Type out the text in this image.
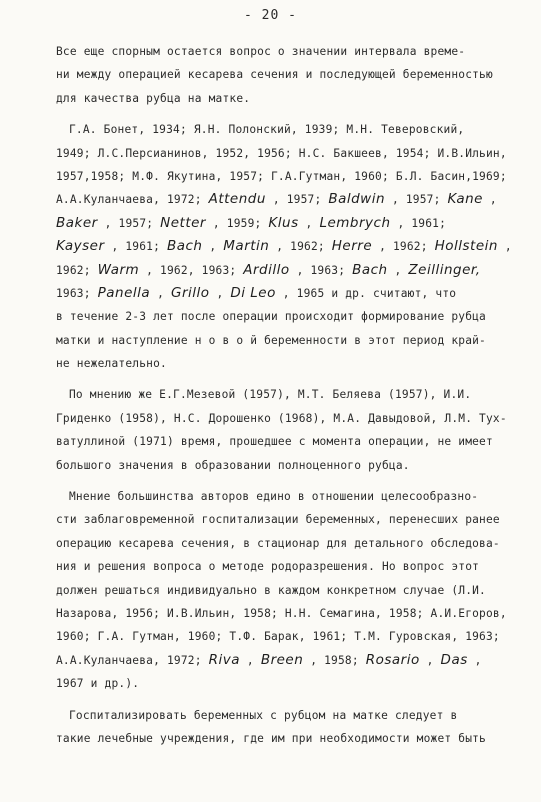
- 20 -
Все еще спорным остается вопрос о значении интервала време-
ни между операцией кесарева сечения и последующей беременностью
для качества рубца на матке.
Г.А. Бонет, 1934; Я.Н. Полонский, 1939; М.Н. Теверовский,
1949; Л.С.Персианинов, 1952, 1956; Н.С. Бакшеев, 1954; И.В.Ильин,
1957,1958; М.Ф. Якутина, 1957; Г.А.Гутман, 1960; Б.Л. Басин,1969;
А.А.Куланчаева, 1972; Attendu , 1957; Baldwin , 1957; Kane ,
Baker , 1957; Netter , 1959; Klus , Lembrych , 1961;
Kayser , 1961; Bach , Martin , 1962; Herre , 1962; Hollstein ,
1962; Warm , 1962, 1963; Ardillo , 1963; Bach , Zeillinger,
1963; Panella , Grillo , Di Leo , 1965 и др. считают, что
в течение 2-3 лет после операции происходит формирование рубца
матки и наступление н о в о й беременности в этот период край-
не нежелательно.
По мнению же Е.Г.Мезевой (1957), М.Т. Беляева (1957), И.И.
Гриденко (1958), Н.С. Дорошенко (1968), М.А. Давыдовой, Л.М. Тух-
ватуллиной (1971) время, прошедшее с момента операции, не имеет
большого значения в образовании полноценного рубца.
Мнение большинства авторов едино в отношении целесообразно-
сти заблаговременной госпитализации беременных, перенесших ранее
операцию кесарева сечения, в стационар для детального обследова-
ния и решения вопроса о методе родоразрешения. Но вопрос этот
должен решаться индивидуально в каждом конкретном случае (Л.И.
Назарова, 1956; И.В.Ильин, 1958; Н.Н. Семагина, 1958; А.И.Егоров,
1960; Г.А. Гутман, 1960; Т.Ф. Барак, 1961; Т.М. Гуровская, 1963;
А.А.Куланчаева, 1972; Riva , Breen , 1958; Rosario , Das ,
1967 и др.).
Госпитализировать беременных с рубцом на матке следует в
такие лечебные учреждения, где им при необходимости может быть
